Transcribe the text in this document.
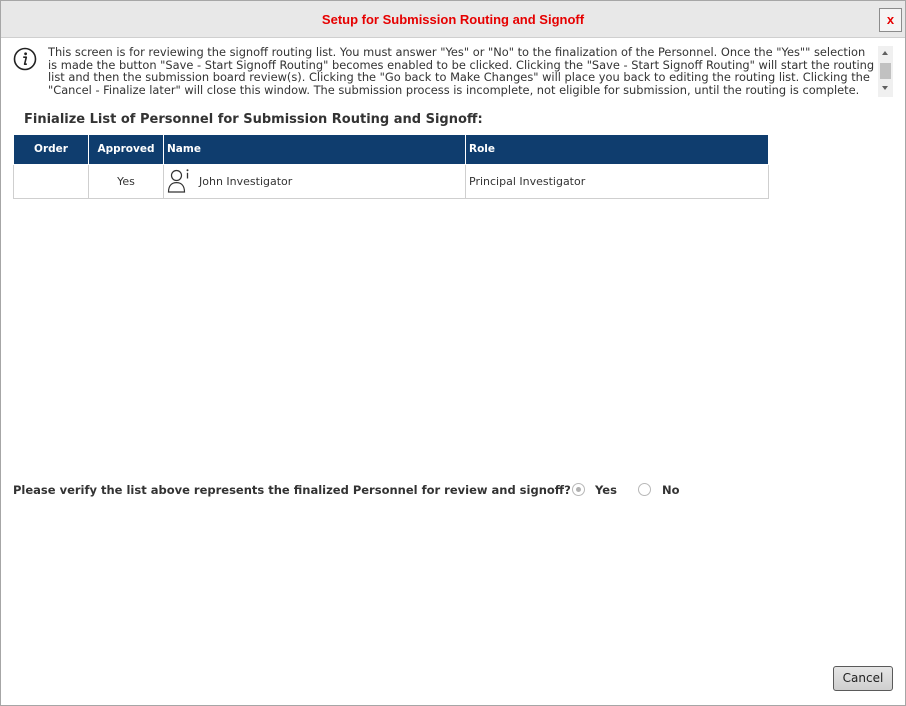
Setup for Submission Routing and Signoff	x
This screen is for reviewing the signoff routing list. You must answer "Yes" or "No" to the finalization of the Personnel. Once the "Yes"" selection is made the button "Save - Start Signoff Routing" becomes enabled to be clicked. Clicking the "Save - Start Signoff Routing" will start the routing list and then the submission board review(s). Clicking the "Go back to Make Changes" will place you back to editing the routing list. Clicking the "Cancel - Finalize later" will close this window. The submission process is incomplete, not eligible for submission, until the routing is complete.
Finialize List of Personnel for Submission Routing and Signoff:
Order	Approved	Name	Role
	Yes	John Investigator	Principal Investigator
Please verify the list above represents the finalized Personnel for review and signoff? Yes	No
Cancel
